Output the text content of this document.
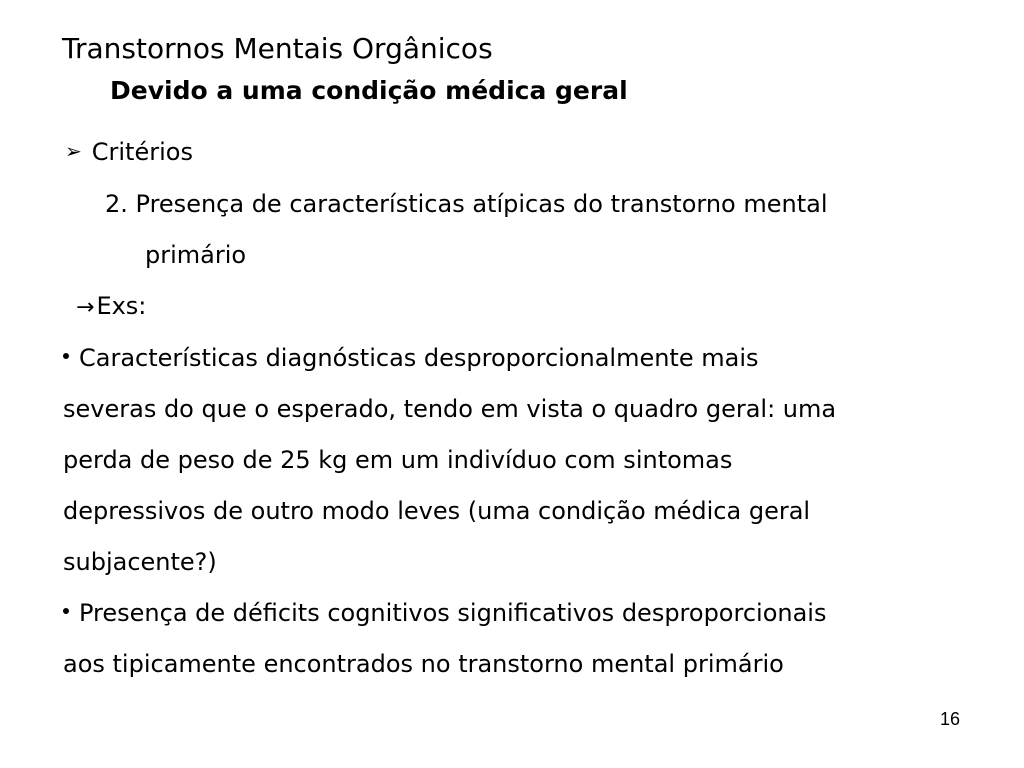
Transtornos Mentais Orgânicos
Devido a uma condição médica geral
➢ Critérios
2. Presença de características atípicas do transtorno mental
primário
→Exs:
Características diagnósticas desproporcionalmente mais
severas do que o esperado, tendo em vista o quadro geral: uma
perda de peso de 25 kg em um indivíduo com sintomas
depressivos de outro modo leves (uma condição médica geral
subjacente?)
Presença de déficits cognitivos significativos desproporcionais
aos tipicamente encontrados no transtorno mental primário
16
